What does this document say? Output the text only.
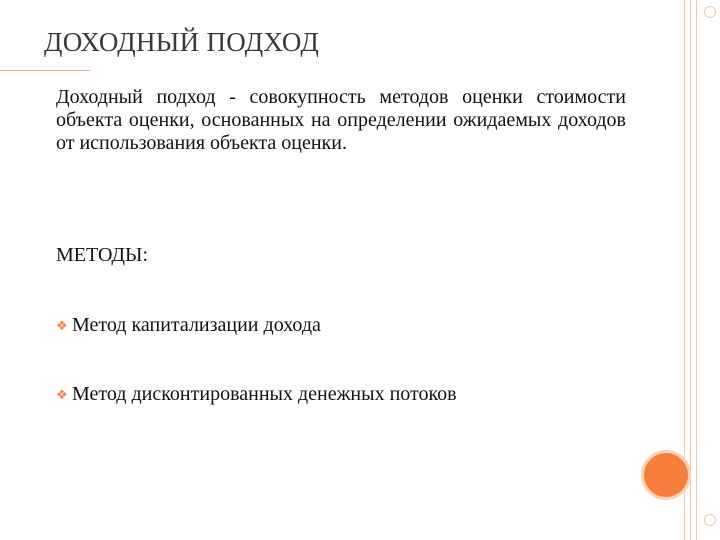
ДОХОДНЫЙ ПОДХОД
Доходный подход - совокупность методов оценки стоимости объекта оценки, основанных на определении ожидаемых доходов от использования объекта оценки.
МЕТОДЫ:
❖ Метод капитализации дохода
❖ Метод дисконтированных денежных потоков
